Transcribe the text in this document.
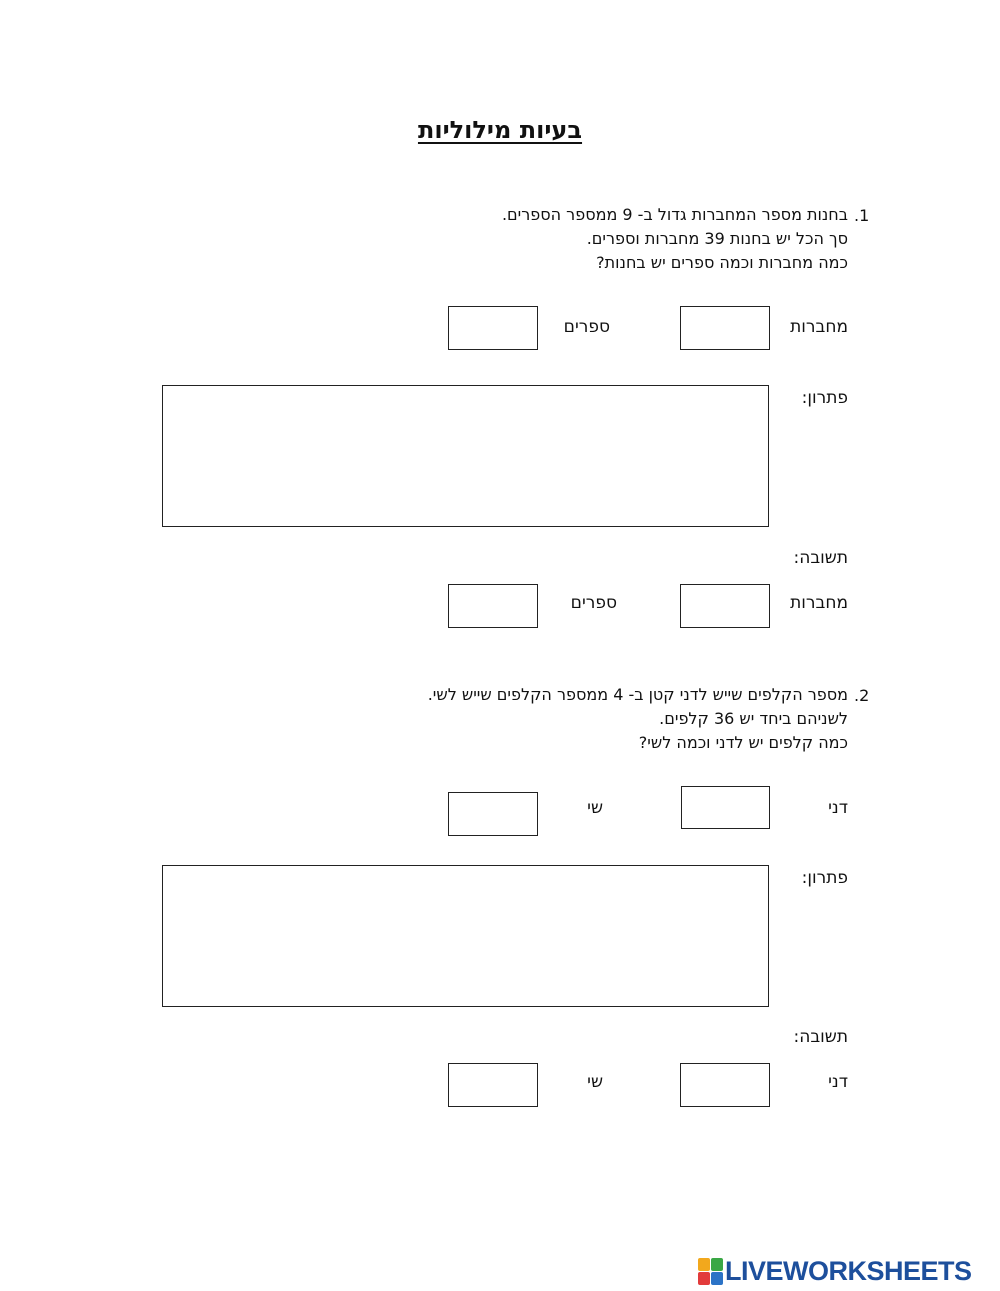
בעיות מילוליות
.1
בחנות מספר המחברות גדול ב- 9 ממספר הספרים.
סך הכל יש בחנות 39 מחברות וספרים.
כמה מחברות וכמה ספרים יש בחנות?
מחברות
ספרים
פתרון:
תשובה:
מחברות
ספרים
.2
מספר הקלפים שייש לדני קטן ב- 4 ממספר הקלפים שייש לשי.
לשניהם ביחד יש 36 קלפים.
כמה קלפים יש לדני וכמה לשי?
דני
שי
פתרון:
תשובה:
דני
שי
LIVEWORKSHEETS
